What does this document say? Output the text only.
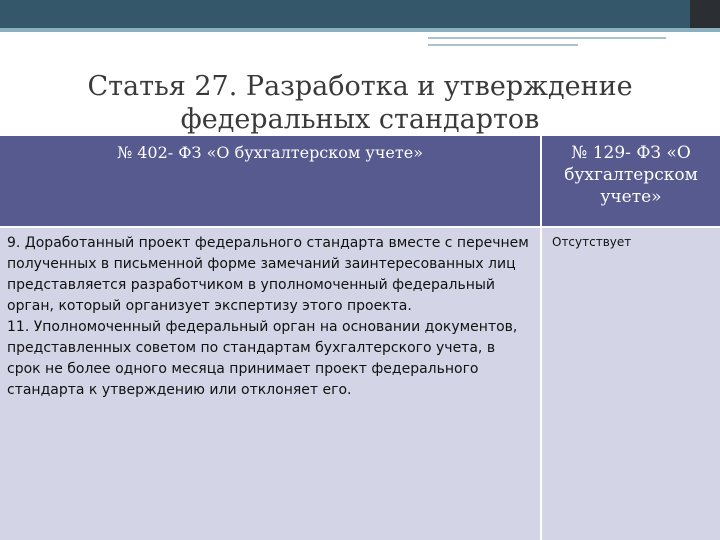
Статья 27. Разработка и утверждение федеральных стандартов
№ 402- ФЗ «О бухгалтерском учете»	№ 129- ФЗ «О бухгалтерском учете»

9. Доработанный проект федерального стандарта вместе с перечнем полученных в письменной форме замечаний заинтересованных лиц представляется разработчиком в уполномоченный федеральный орган, который организует экспертизу этого проекта.

11. Уполномоченный федеральный орган на основании документов, представленных советом по стандартам бухгалтерского учета, в срок не более одного месяца принимает проект федерального стандарта к утверждению или отклоняет его.

Отсутствует
